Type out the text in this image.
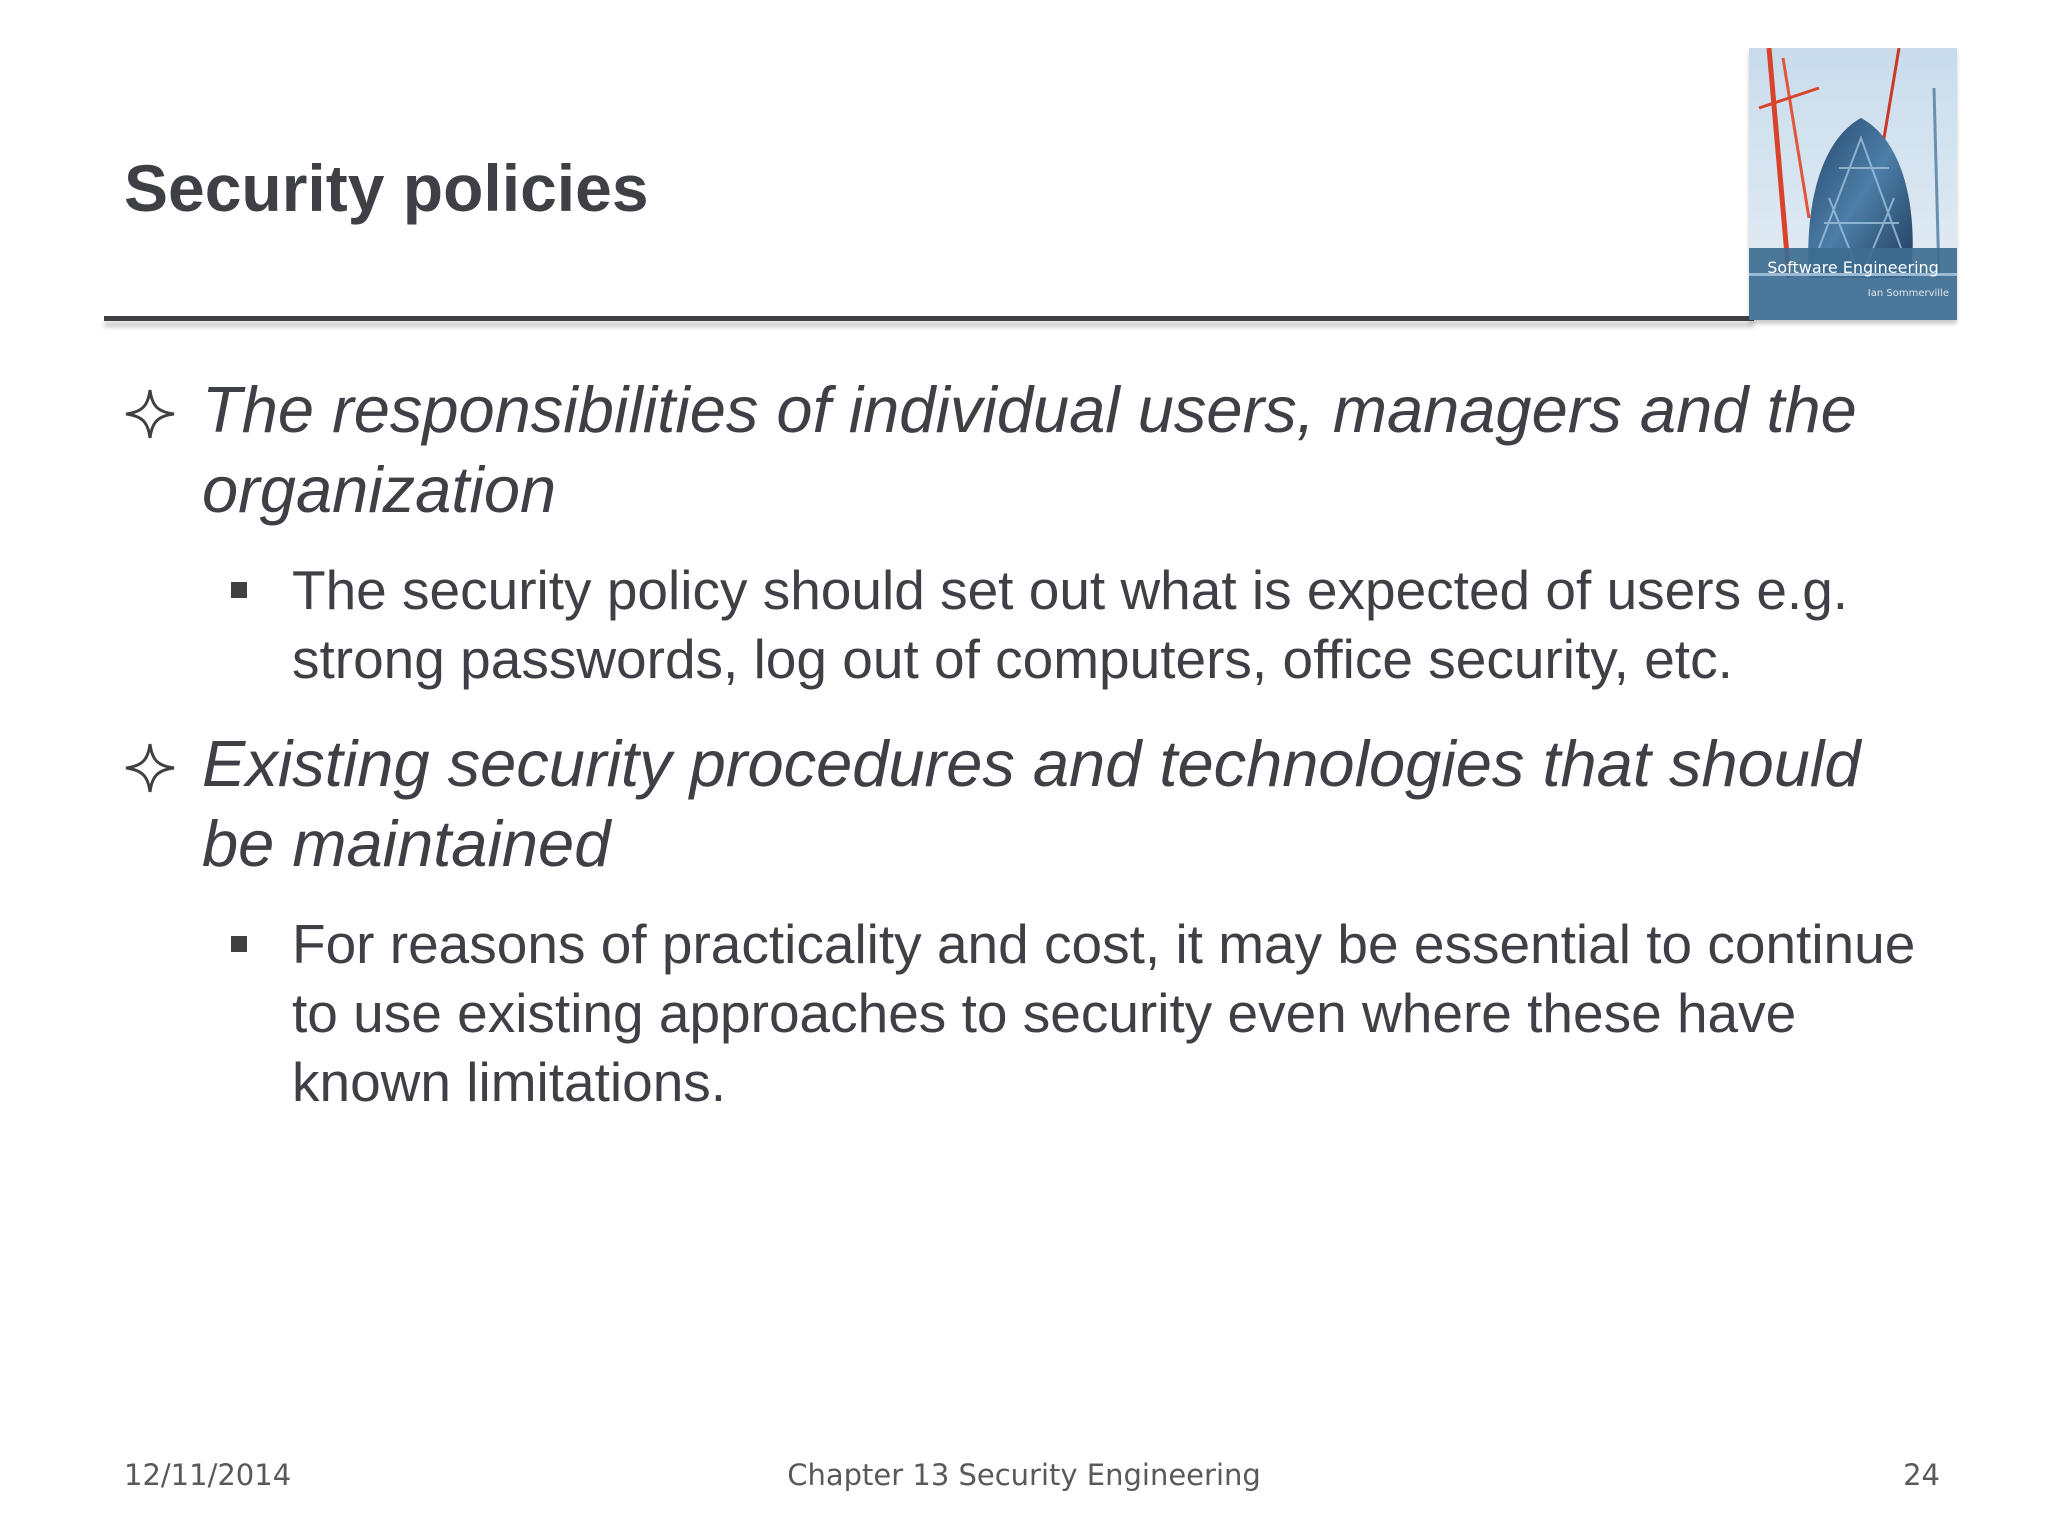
Security policies
Software Engineering
Ian Sommerville
The responsibilities of individual users, managers and the organization
The security policy should set out what is expected of users e.g. strong passwords, log out of computers, office security, etc.
Existing security procedures and technologies that should be maintained
For reasons of practicality and cost, it may be essential to continue to use existing approaches to security even where these have known limitations.
12/11/2014	Chapter 13 Security Engineering	24
